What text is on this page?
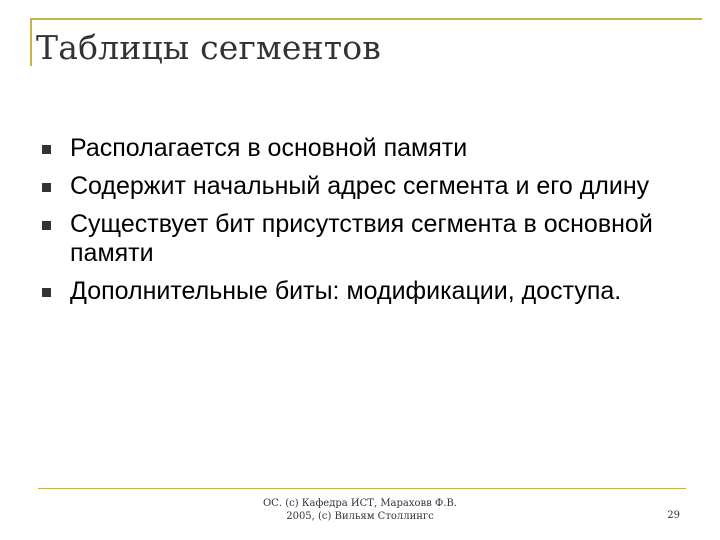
Таблицы сегментов
Располагается в основной памяти
Содержит начальный адрес сегмента и его длину
Существует бит присутствия сегмента в основной памяти
Дополнительные биты: модификации, доступа.
ОС. (с) Кафедра ИСТ, Мараховв Ф.В.
2005, (с) Вильям Столлингс	29
